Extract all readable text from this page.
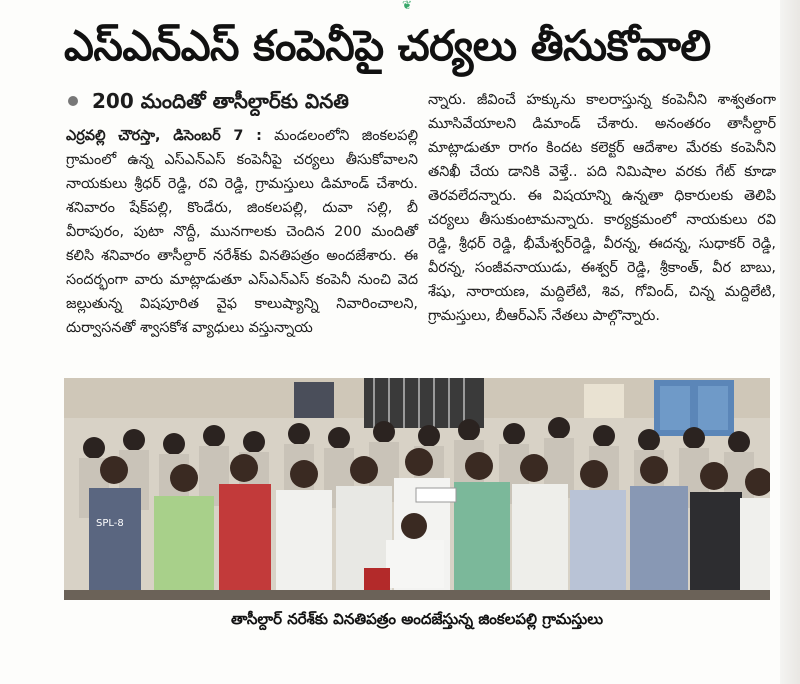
❦
ఎస్ఎన్ఎస్ కంపెనీపై చర్యలు తీసుకోవాలి
200 మందితో తాసీల్దార్‌కు వినతి
ఎర్రవల్లి చౌరస్తా, డిసెంబర్ 7 : మండలంలోని జింకలపల్లి గ్రామంలో ఉన్న ఎస్ఎన్ఎస్ కంపెనీపై చర్యలు తీసుకోవాలని నాయకులు శ్రీధర్ రెడ్డి, రవి రెడ్డి, గ్రామస్తులు డిమాండ్ చేశారు. శనివారం షేక్‌పల్లి, కొండేరు, జింకలపల్లి, దువా సల్లి, బీ వీరాపురం, పుటా నొద్దీ, మునగాలకు చెందిన 200 మందితో కలిసి శనివారం తాసీల్దార్ నరేశ్‌కు వినతిపత్రం అందజేశారు. ఈ సందర్భంగా వారు మాట్లాడుతూ ఎస్ఎన్ఎస్ కంపెనీ నుంచి వెద జల్లుతున్న విషపూరిత వైఫ కాలుష్యాన్ని నివారించాలని, దుర్వాసనతో శ్వాసకోశ వ్యాధులు వస్తున్నాయ
న్నారు. జీవించే హక్కును కాలరాస్తున్న కంపెనీని శాశ్వతంగా మూసివేయాలని డిమాండ్ చేశారు. అనంతరం తాసీల్దార్ మాట్లాడుతూ రాగం కిందట కలెక్టర్ ఆదేశాల మేరకు కంపెనీని తనిఖీ చేయ డానికి వెళ్తే.. పది నిమిషాల వరకు గేట్ కూడా తెరవలేదన్నారు. ఈ విషయాన్ని ఉన్నతా ధికారులకు తెలిపి చర్యలు తీసుకుంటామన్నారు. కార్యక్రమంలో నాయకులు రవి రెడ్డి, శ్రీధర్ రెడ్డి, భీమేశ్వర్‌రెడ్డి, వీరన్న, ఈదన్న, సుధాకర్ రెడ్డి, వీరన్న, సంజీవనాయుడు, ఈశ్వర్ రెడ్డి, శ్రీకాంత్, వీర బాబు, శేషు, నారాయణ, మద్దిలేటి, శివ, గోవింద్, చిన్న మద్దిలేటి, గ్రామస్తులు, బీఆర్ఎస్ నేతలు పాల్గొన్నారు.
SPL-8
తాసీల్దార్ నరేశ్‌కు వినతిపత్రం అందజేస్తున్న జింకలపల్లి గ్రామస్తులు
